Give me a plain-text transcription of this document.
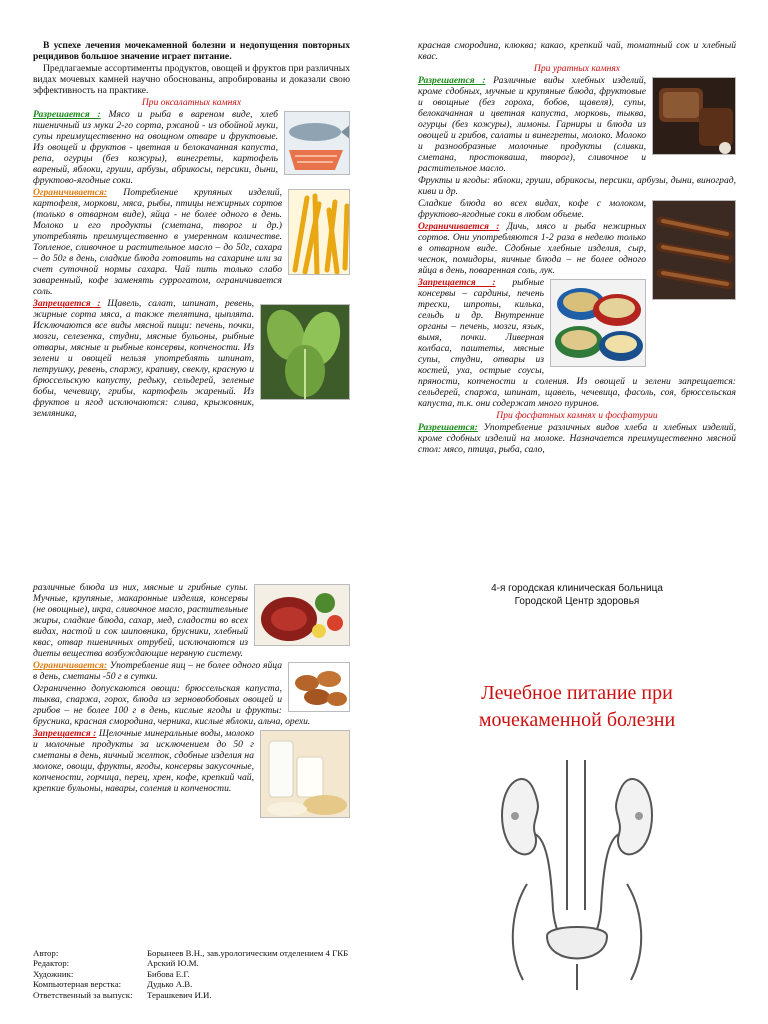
В успехе лечения мочекаменной болезни и недопущения повторных рецидивов большое значение играет питание.

Предлагаемые ассортименты продуктов, овощей и фруктов при различных видах мочевых камней научно обоснованы, апробированы и доказали свою эффективность на практике.

При оксалатных камнях

Разрешается : Мясо и рыба в вареном виде, хлеб пшеничный из муки 2-го сорта, ржаной - из обойной муки, супы преимущественно на овощном отваре и фруктовые. Из овощей и фруктов - цветная и белокачанная капуста, репа, огурцы (без кожуры), винегреты, картофель вареный, яблоки, груши, арбузы, абрикосы, персики, дыни, фруктово-ягодные соки.

Ограничивается: Потребление крупяных изделий, картофеля, моркови, мяса, рыбы, птицы нежирных сортов (только в отварном виде), яйца - не более одного в день. Молоко и его продукты (сметана, творог и др.) употреблять преимущественно в умеренном количестве. Топленое, сливочное и растительное масло – до 50г, сахара – до 50г в день, сладкие блюда готовить на сахарине или за счет суточной нормы сахара. Чай пить только слабо заваренный, кофе заменять суррогатом, ограничивается соль.

Запрещается : Щавель, салат, шпинат, ревень, жирные сорта мяса, а также телятина, цыплята. Исключаются все виды мясной пищи: печень, почки, мозги, селезенка, студни, мясные бульоны, рыбные отвары, мясные и рыбные консервы, копчености. Из зелени и овощей нельзя употреблять шпинат, петрушку, ревень, спаржу, крапиву, свеклу, красную и брюссельскую капусту, редьку, сельдерей, зеленые бобы, чечевицу, грибы, картофель жареный. Из фруктов и ягод исключаются: слива, крыжовник, земляника,

красная смородина, клюква; какао, крепкий чай, томатный сок и хлебный квас.

При уратных камнях

Разрешается : Различные виды хлебных изделий, кроме сдобных, мучные и крупяные блюда, фруктовые и овощные (без гороха, бобов, щавеля), супы, белокачанная и цветная капуста, морковь, тыква, огурцы (без кожуры), лимоны. Гарниры и блюда из овощей и грибов, салаты и винегреты, молоко. Молоко и разнообразные молочные продукты (сливки, сметана, простокваша, творог), сливочное и растительное масло.

Фрукты и ягоды: яблоки, груши, абрикосы, персики, арбузы, дыни, виноград, киви и др.

Сладкие блюда во всех видах, кофе с молоком, фруктово-ягодные соки в любом объеме.

Ограничивается : Дичь, мясо и рыба нежирных сортов. Они употребляются 1-2 раза в неделю только в отварном виде. Сдобные хлебные изделия, сыр, чеснок, помидоры, яичные блюда – не более одного яйца в день, поваренная соль, лук.

Запрещается : рыбные консервы – сардины, печень трески, шпроты, килька, сельдь и др. Внутренние органы – печень, мозги, язык, вымя, почки. Ливерная колбаса, паштеты, мясные супы, студни, отвары из костей, уха, острые соусы, пряности, копчености и соления. Из овощей и зелени запрещается: сельдерей, спаржа, шпинат, щавель, чечевица, фасоль, соя, брюссельская капуста, т.к. они содержат много пуринов.

При фосфатных камнях и фосфатурии

Разрешается: Употребление различных видов хлеба и хлебных изделий, кроме сдобных изделий на молоке. Назначается преимущественно мясной стол: мясо, птица, рыба, сало,

различные блюда из них, мясные и грибные супы. Мучные, крупяные, макаронные изделия, консервы (не овощные), икра, сливочное масло, растительные жиры, сладкие блюда, сахар, мед, сладости во всех видах, настой и сок шиповника, брусники, хлебный квас, отвар пшеничных отрубей, исключаются из диеты вещества возбуждающие нервную систему.

Ограничивается: Употребление яиц – не более одного яйца в день, сметаны -50 г в сутки.

Ограниченно допускаются овощи: брюссельская капуста, тыква, спаржа, горох, блюда из зерновобобовых овощей и грибов – не более 100 г в день, кислые ягоды и фрукты: брусника, красная смородина, черника, кислые яблоки, альча, орехи.

Запрещается : Щелочные минеральные воды, молоко и молочные продукты за исключением до 50 г сметаны в день, яичный желток, сдобные изделия на молоке, овощи, фрукты, ягоды, консервы закусочные, копчености, горчица, перец, хрен, кофе, крепкий чай, крепкие бульоны, навары, соления и копчености.

4-я городская клиническая больница
Городской Центр здоровья
Лечебное питание при мочекаменной болезни
Автор:	Борынеев В.Н., зав.урологическим отделением 4 ГКБ
Редактор:	Арский Ю.М.
Художник:	Бибова Е.Г.
Компьютерная верстка:	Дудько А.В.
Ответственный за выпуск:	Терашкевич И.И.
